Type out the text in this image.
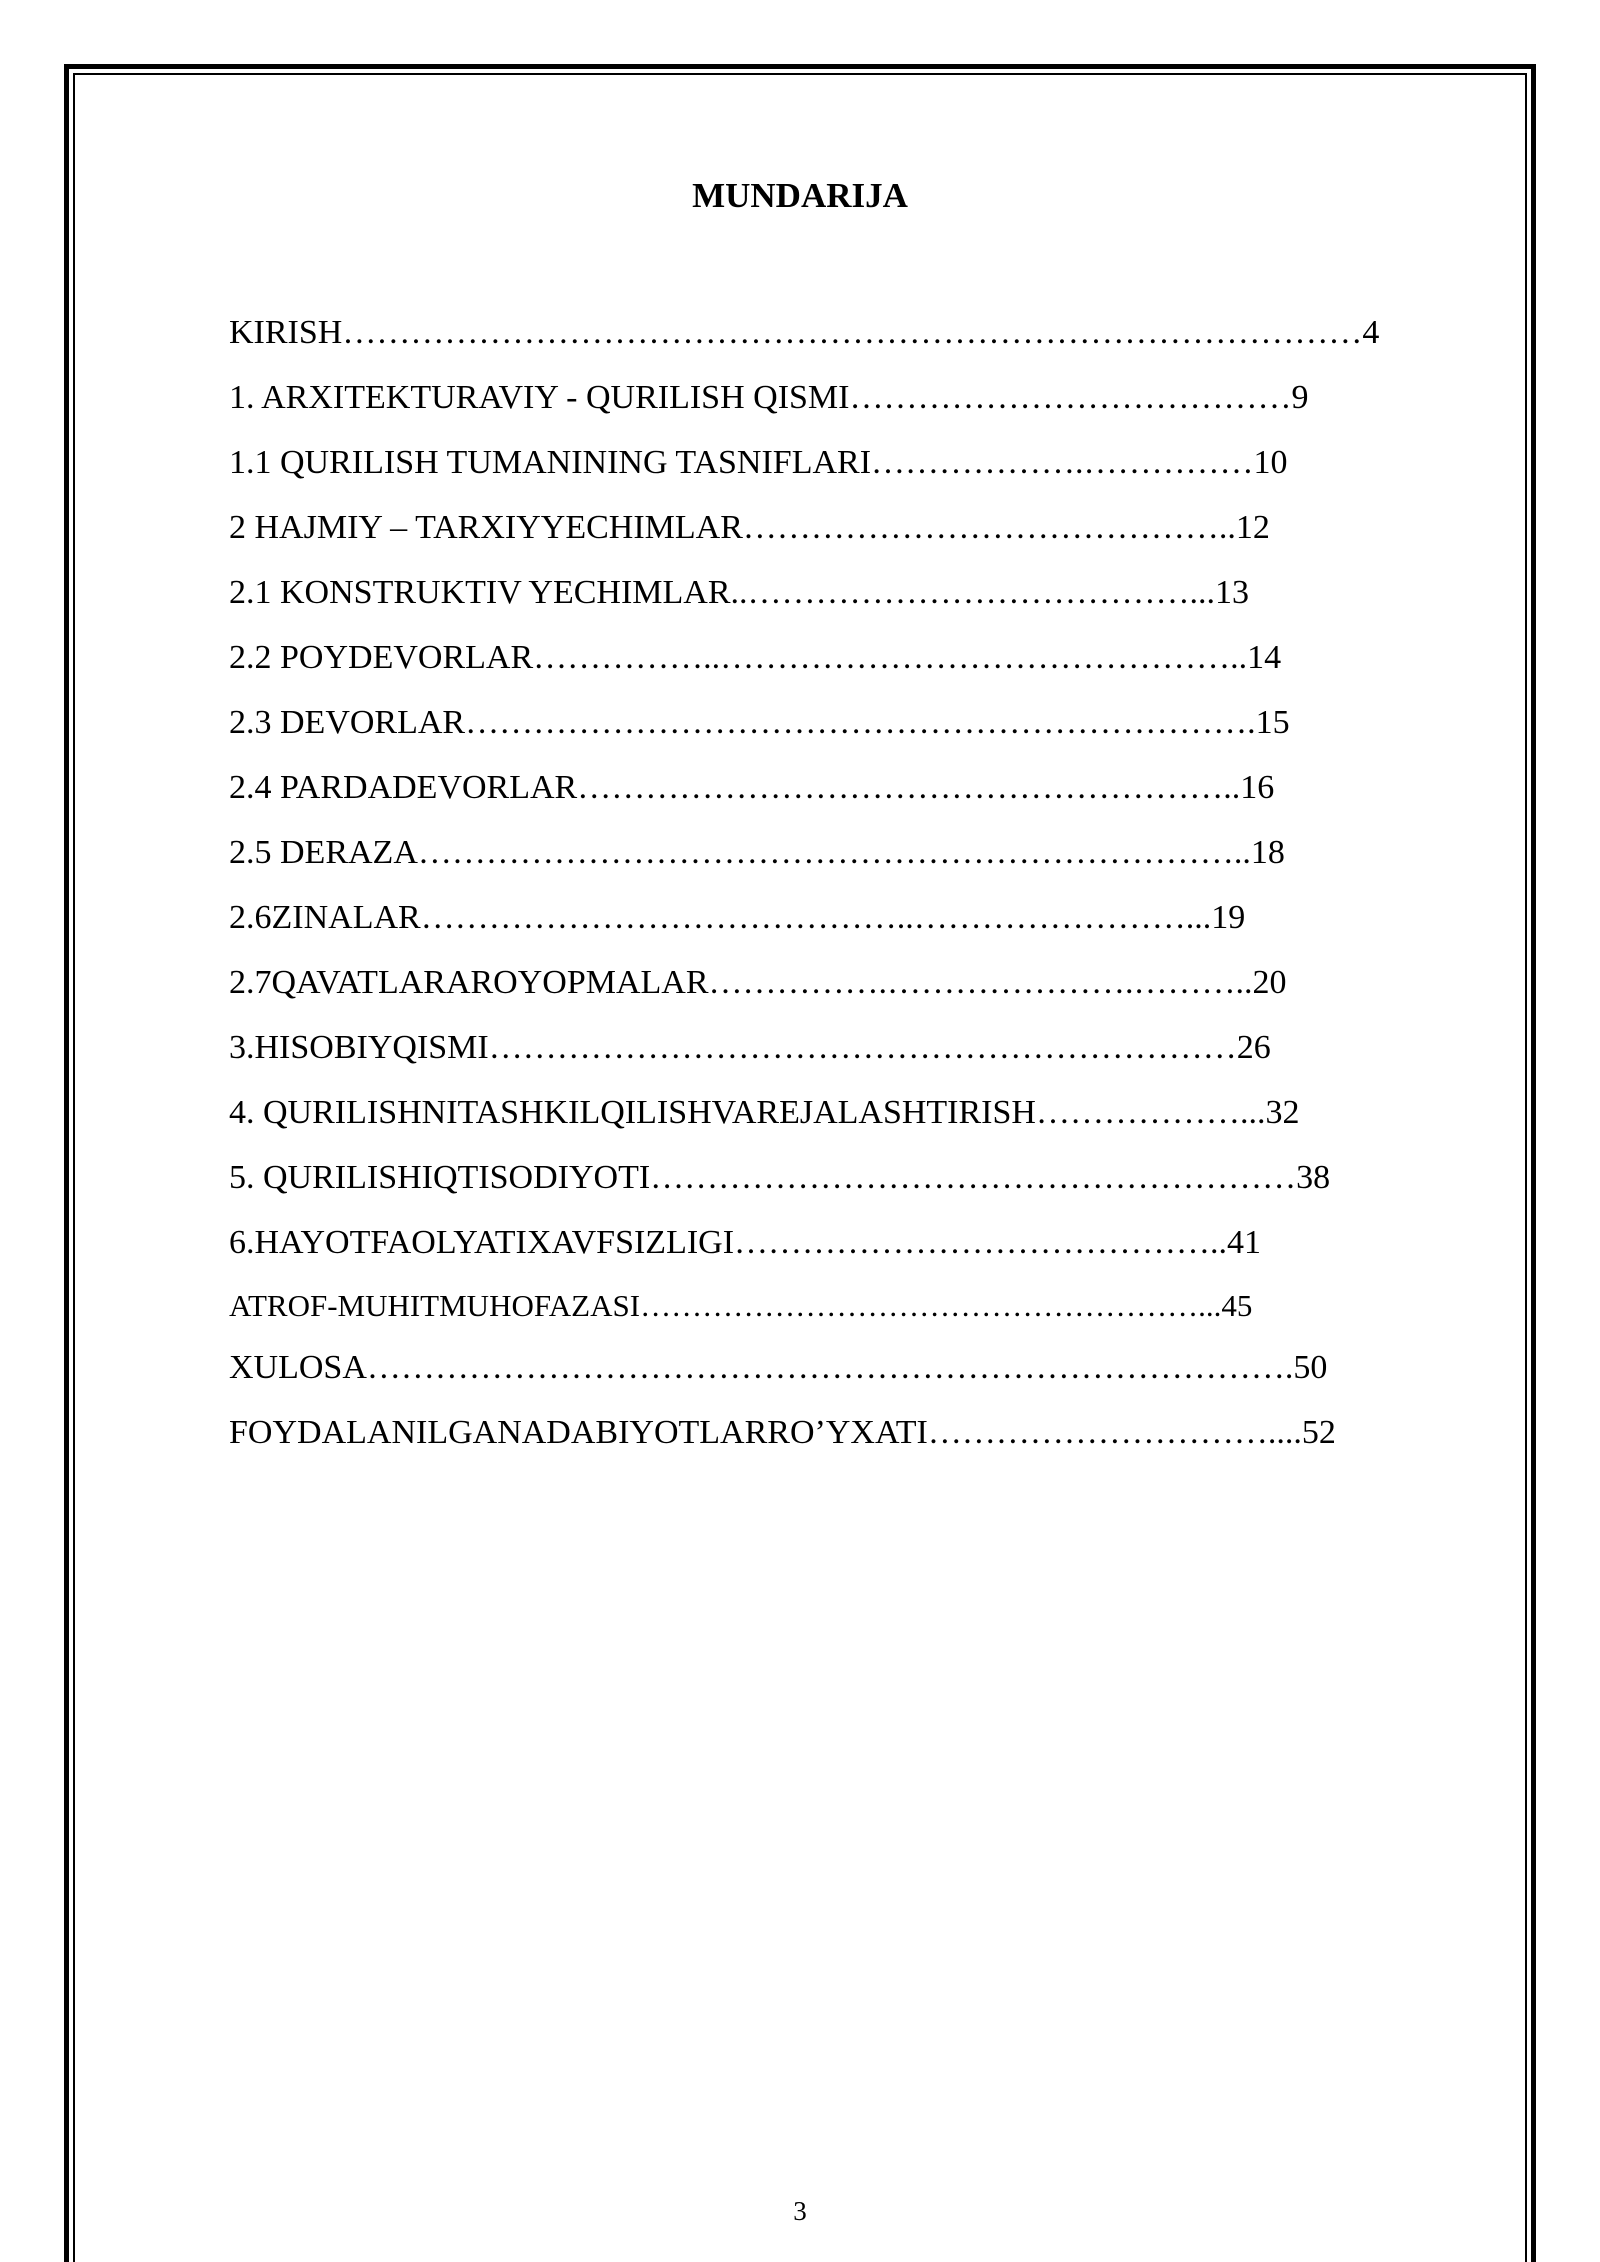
MUNDARIJA
KIRISH………………………………………………………………………………4
1. ARXITEKTURAVIY - QURILISH QISMI…………………………………9
1.1 QURILISH TUMANINING TASNIFLARI……………….……………10
2 HAJMIY – TARXIYYECHIMLAR……………………………………..12
2.1 KONSTRUKTIV YECHIMLAR..…………………………………...13
2.2 POYDEVORLAR……………..………………………………………..14
2.3 DEVORLAR…………………………………………………………….15
2.4 PARDADEVORLAR…………………………………………………..16
2.5 DERAZA………………………………………………………………..18
2.6ZINALAR……………………………………..……………………...19
2.7QAVATLARAROYOPMALAR…………….………………….………..20
3.HISOBIYQISMI…………………………………………………………26
4. QURILISHNITASHKILQILISHVAREJALASHTIRISH………………...32
5. QURILISHIQTISODIYOTI…………………………………………………38
6.HAYOTFAOLYATIXAVFSIZLIGI……………………………………..41
ATROF-MUHITMUHOFAZASI………………………………………………...45
XULOSA……………………………………………………………………….50
FOYDALANILGANADABIYOTLARRO’YXATI…………………………....52
3
